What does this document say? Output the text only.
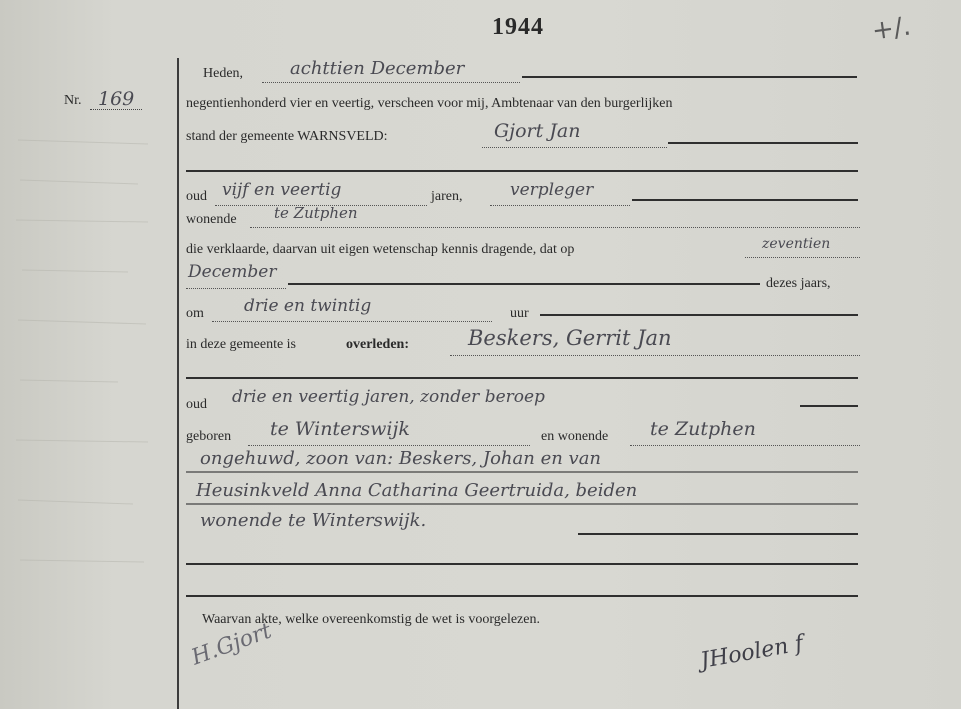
1944	+/.
Nr. 169
Heden,	achttien December
negentienhonderd vier en veertig, verscheen voor mij, Ambtenaar van den burgerlijken
stand der gemeente WARNSVELD:	Gjort Jan
oud vijf en veertig	jaren,	verpleger
wonende te Zutphen
die verklaarde, daarvan uit eigen wetenschap kennis dragende, dat op	zeventien
December
dezes jaars,
om drie en twintig	uur
in deze gemeente is	overleden:	Beskers, Gerrit Jan
oud drie en veertig jaren, zonder beroep
geboren te Winterswijk	en wonende te Zutphen
ongehuwd, zoon van: Beskers, Johan en van
Heusinkveld Anna Catharina Geertruida, beiden
wonende te Winterswijk.
Waarvan akte, welke overeenkomstig de wet is voorgelezen.
H.Gjort	JHoolen f
